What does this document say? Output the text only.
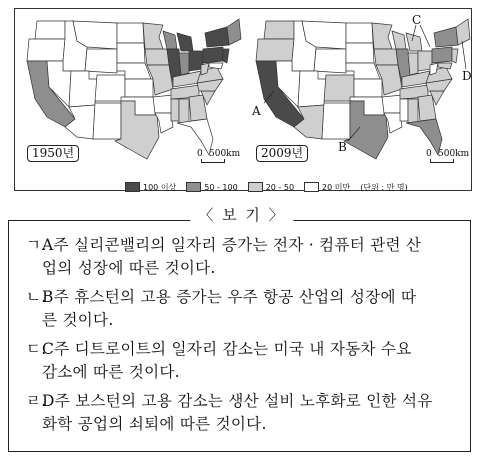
1950년	0 500km
A
B
C
D
2009년	0 500km
100 이상	50 - 100	20 - 50	20 미만 (단위 : 만 명)
〈 보 기 〉
ㄱ.A주 실리콘밸리의 일자리 증가는 전자 · 컴퓨터 관련 산
업의 성장에 따른 것이다.
ㄴ.B주 휴스턴의 고용 증가는 우주 항공 산업의 성장에 따
른 것이다.
ㄷ.C주 디트로이트의 일자리 감소는 미국 내 자동차 수요
감소에 따른 것이다.
ㄹ.D주 보스턴의 고용 감소는 생산 설비 노후화로 인한 석유
화학 공업의 쇠퇴에 따른 것이다.
